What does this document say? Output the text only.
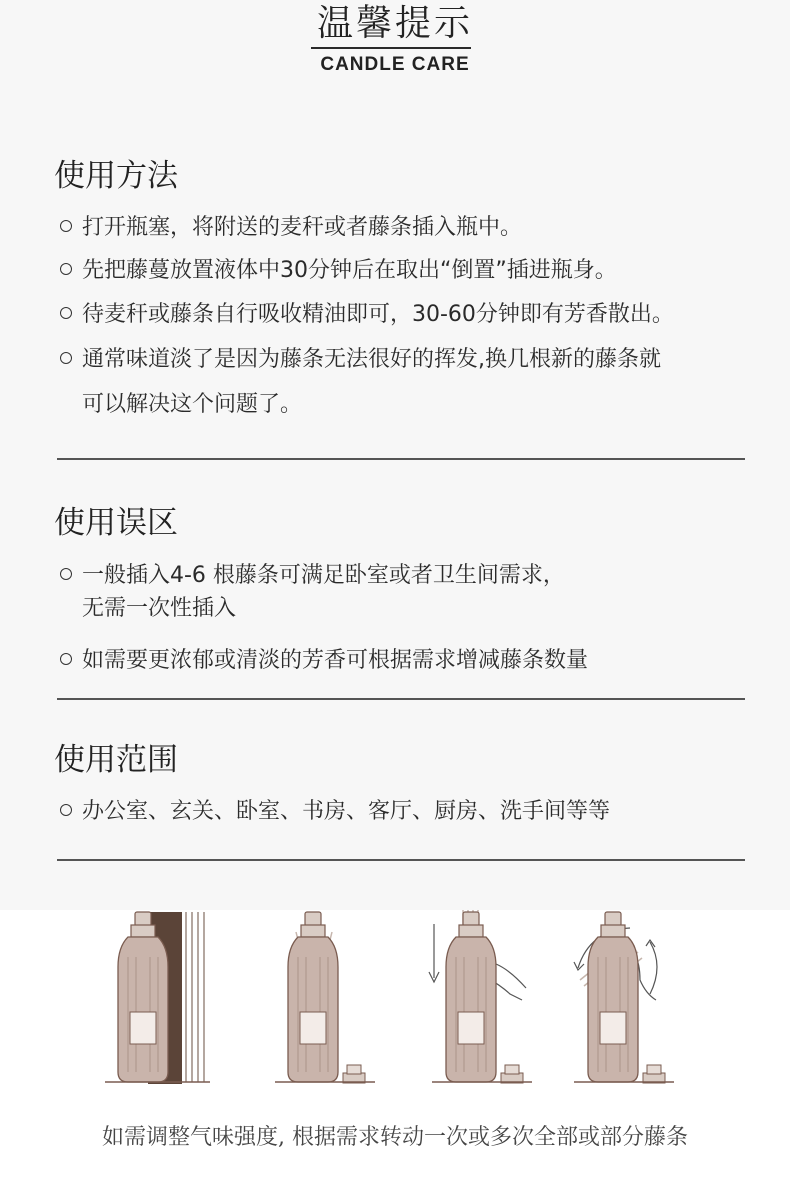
温馨提示
CANDLE CARE
使用方法
打开瓶塞，将附送的麦秆或者藤条插入瓶中。
先把藤蔓放置液体中30分钟后在取出“倒置”插进瓶身。
待麦秆或藤条自行吸收精油即可，30-60分钟即有芳香散出。
通常味道淡了是因为藤条无法很好的挥发,换几根新的藤条就
可以解决这个问题了。
使用误区
一般插入4-6 根藤条可满足卧室或者卫生间需求，
无需一次性插入
如需要更浓郁或清淡的芳香可根据需求增减藤条数量
使用范围
办公室、玄关、卧室、书房、客厅、厨房、洗手间等等
如需调整气味强度, 根据需求转动一次或多次全部或部分藤条
